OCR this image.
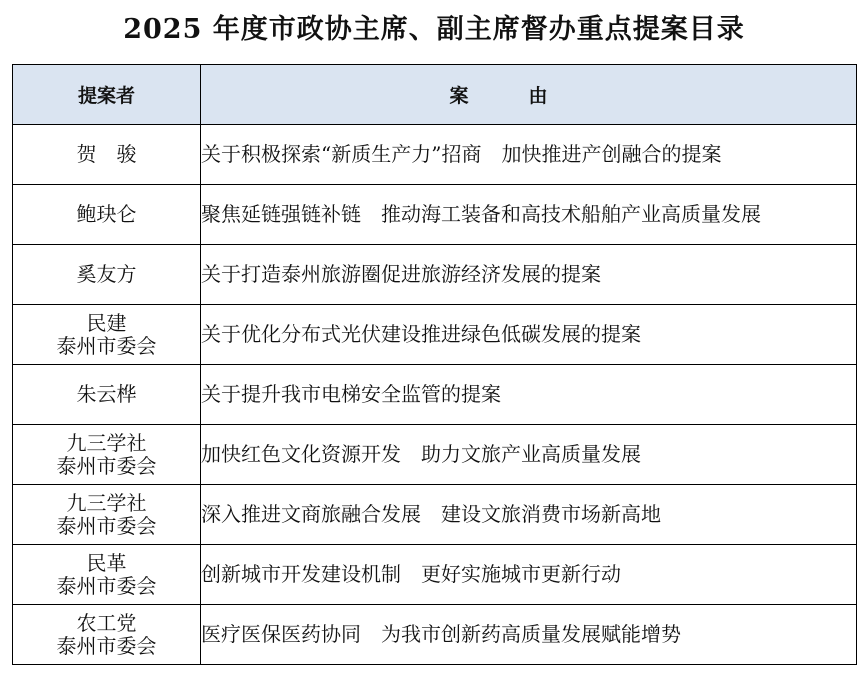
2025 年度市政协主席、副主席督办重点提案目录
提案者	案由

贺骏	关于积极探索“新质生产力”招商　加快推进产创融合的提案

鲍玦仑	聚焦延链强链补链　推动海工装备和高技术船舶产业高质量发展

奚友方	关于打造泰州旅游圈促进旅游经济发展的提案

民建
泰州市委会	关于优化分布式光伏建设推进绿色低碳发展的提案

朱云桦	关于提升我市电梯安全监管的提案

九三学社
泰州市委会	加快红色文化资源开发　助力文旅产业高质量发展

九三学社
泰州市委会	深入推进文商旅融合发展　建设文旅消费市场新高地

民革
泰州市委会	创新城市开发建设机制　更好实施城市更新行动

农工党
泰州市委会	医疗医保医药协同　为我市创新药高质量发展赋能增势
